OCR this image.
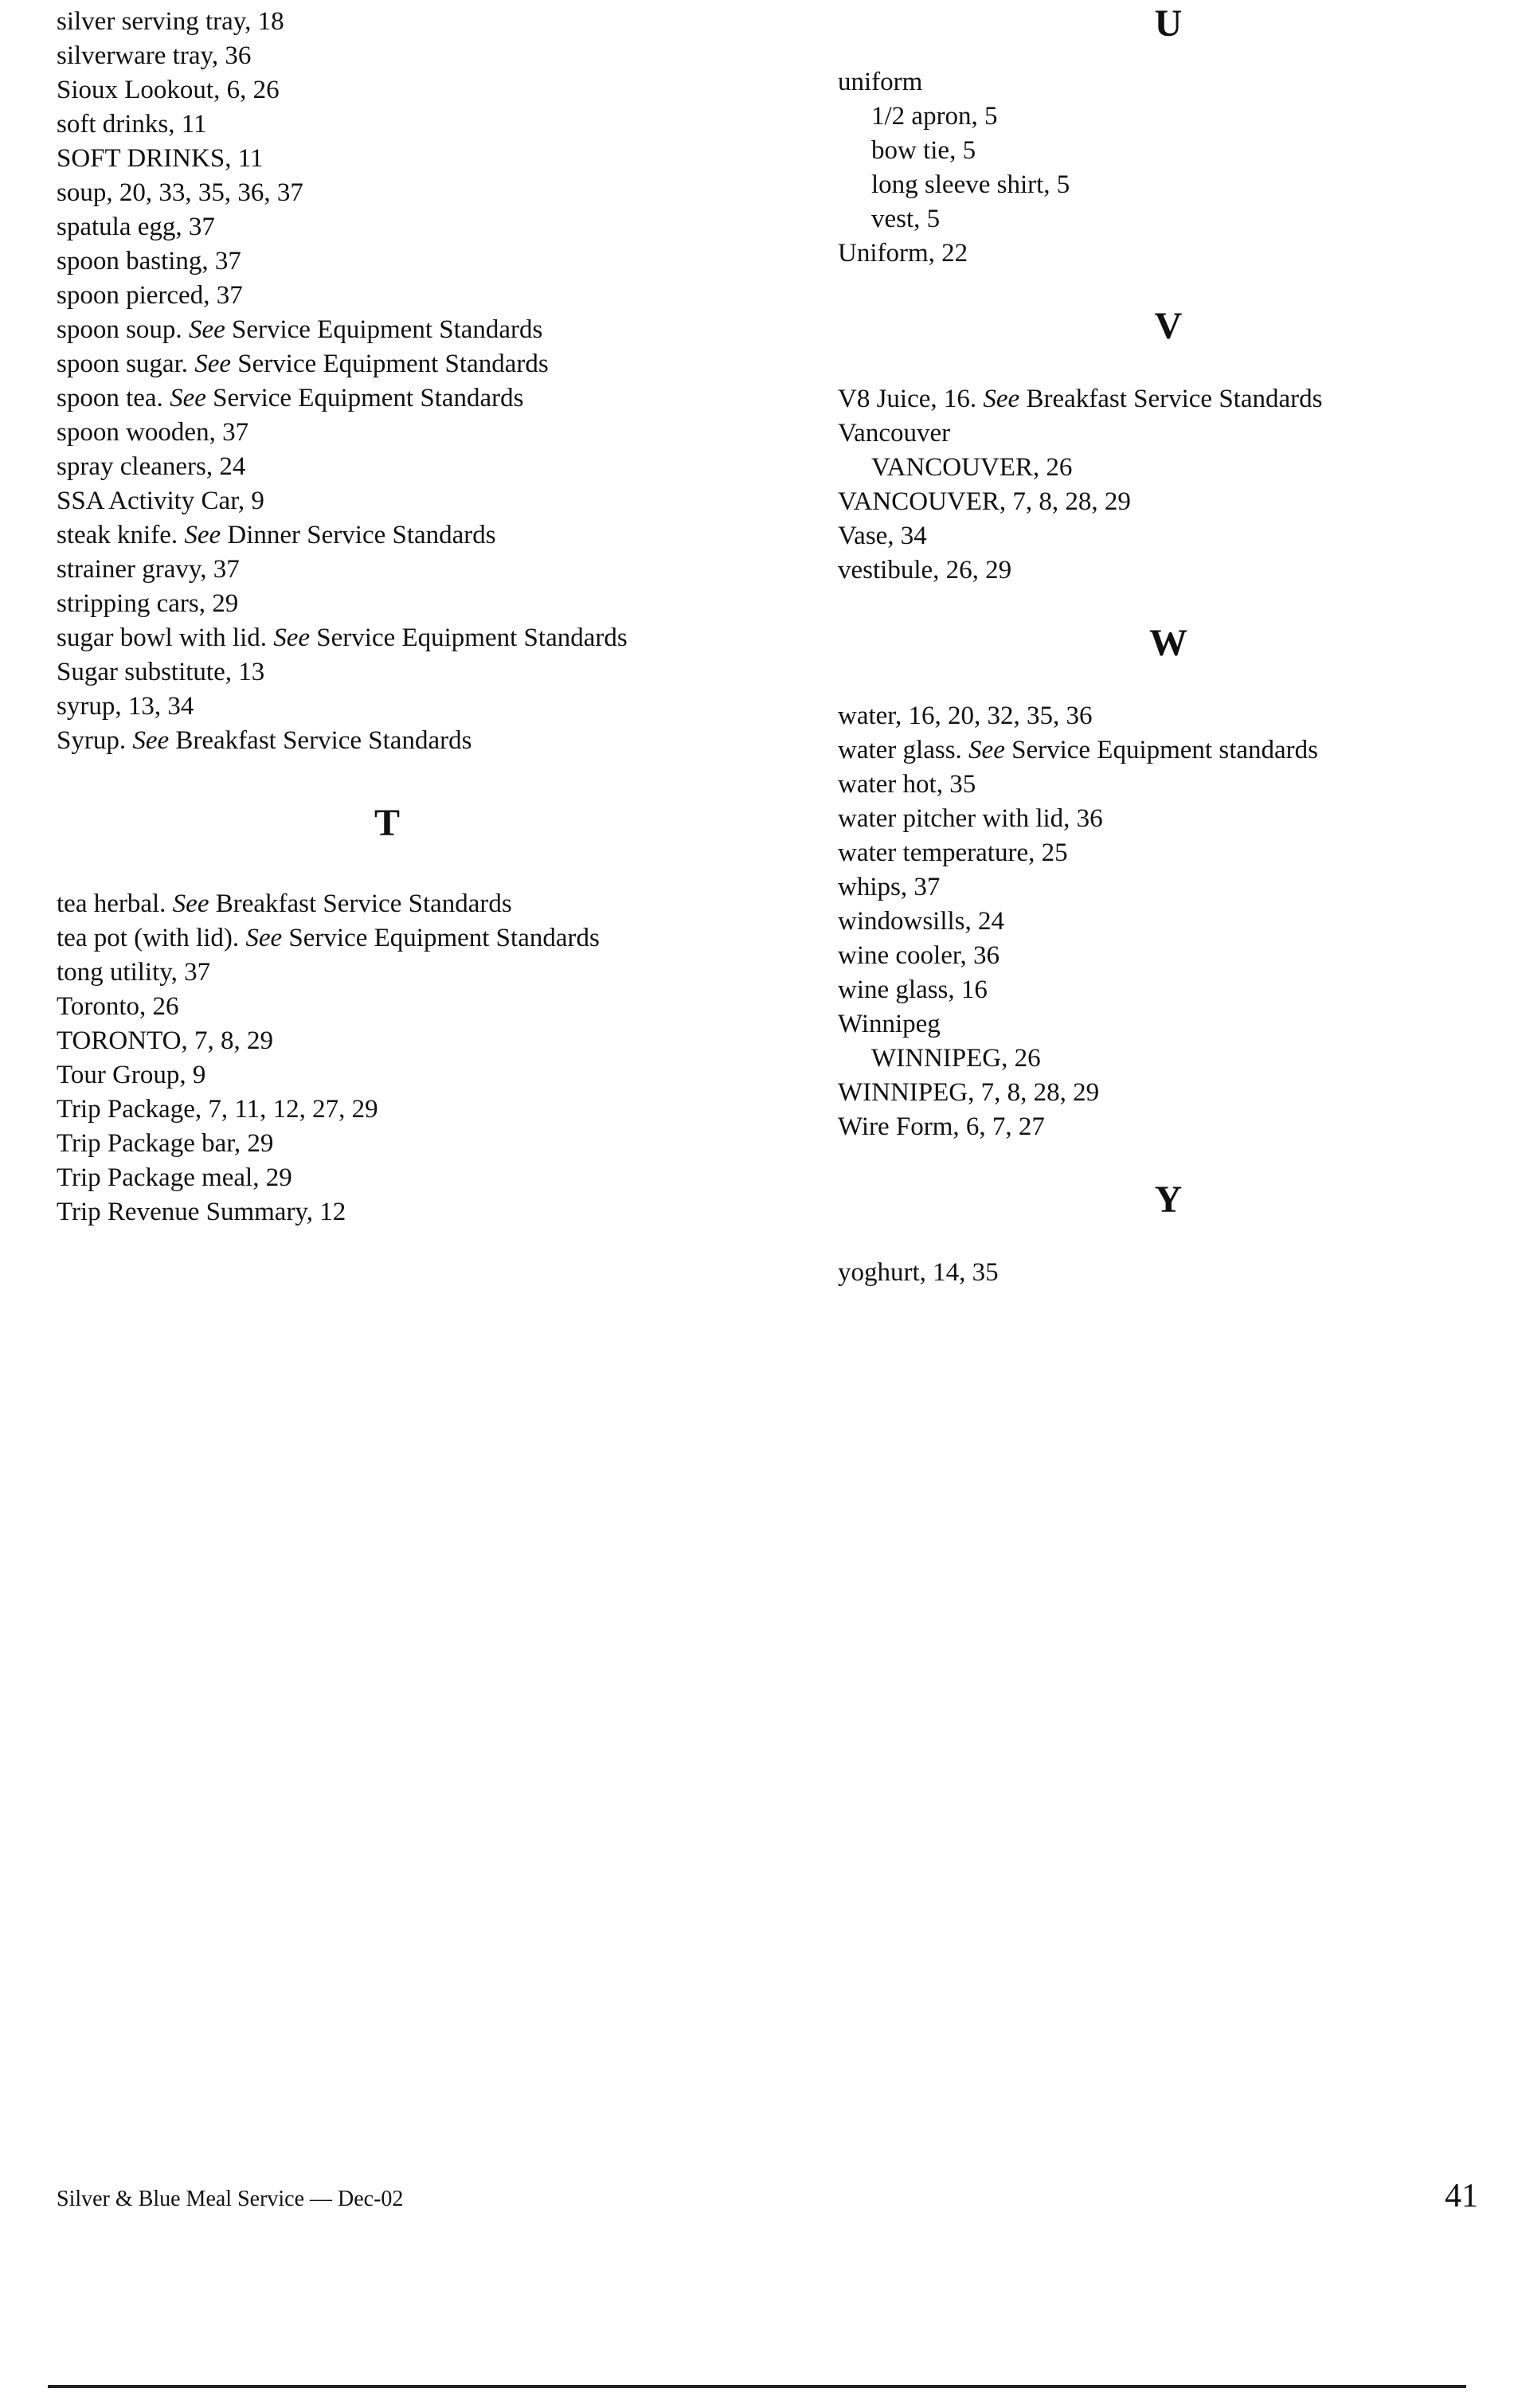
silver serving tray, 18
silverware tray, 36
Sioux Lookout, 6, 26
soft drinks, 11
SOFT DRINKS, 11
soup, 20, 33, 35, 36, 37
spatula egg, 37
spoon basting, 37
spoon pierced, 37
spoon soup. See Service Equipment Standards
spoon sugar. See Service Equipment Standards
spoon tea. See Service Equipment Standards
spoon wooden, 37
spray cleaners, 24
SSA Activity Car, 9
steak knife. See Dinner Service Standards
strainer gravy, 37
stripping cars, 29
sugar bowl with lid. See Service Equipment Standards
Sugar substitute, 13
syrup, 13, 34
Syrup. See Breakfast Service Standards
T
tea herbal. See Breakfast Service Standards
tea pot (with lid). See Service Equipment Standards
tong utility, 37
Toronto, 26
TORONTO, 7, 8, 29
Tour Group, 9
Trip Package, 7, 11, 12, 27, 29
Trip Package bar, 29
Trip Package meal, 29
Trip Revenue Summary, 12
U
uniform
1/2 apron, 5
bow tie, 5
long sleeve shirt, 5
vest, 5
Uniform, 22
V
V8 Juice, 16. See Breakfast Service Standards
Vancouver
VANCOUVER, 26
VANCOUVER, 7, 8, 28, 29
Vase, 34
vestibule, 26, 29
W
water, 16, 20, 32, 35, 36
water glass. See Service Equipment standards
water hot, 35
water pitcher with lid, 36
water temperature, 25
whips, 37
windowsills, 24
wine cooler, 36
wine glass, 16
Winnipeg
WINNIPEG, 26
WINNIPEG, 7, 8, 28, 29
Wire Form, 6, 7, 27
Y
yoghurt, 14, 35
Silver & Blue Meal Service — Dec-02	41
